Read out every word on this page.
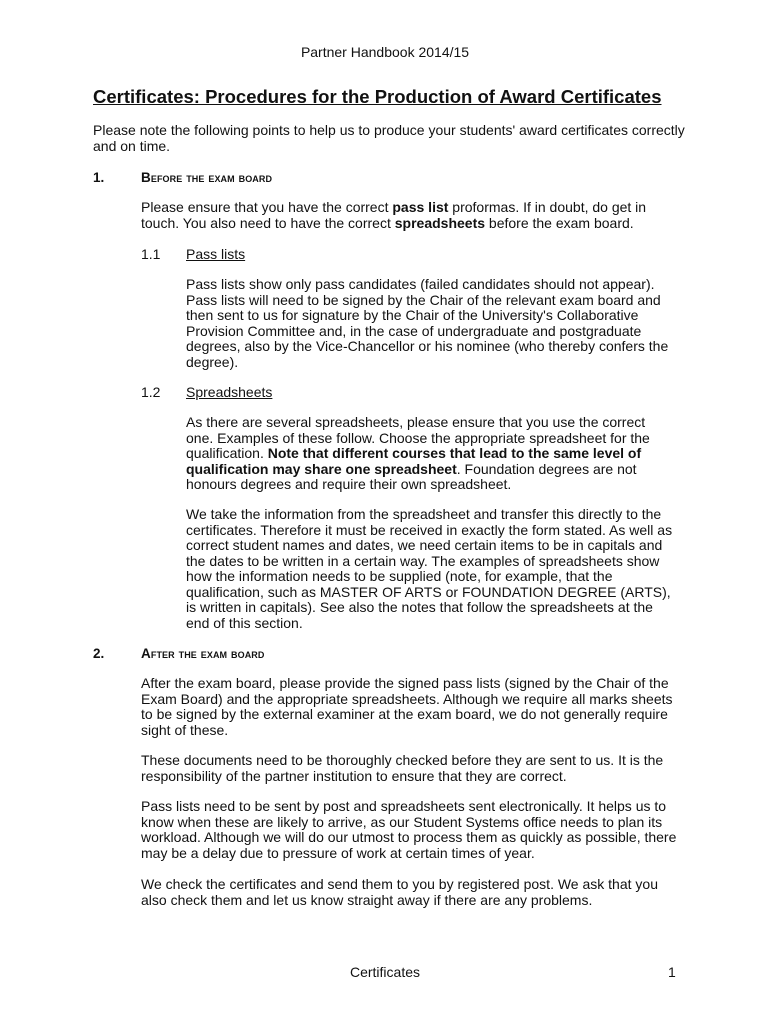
Partner Handbook 2014/15
Certificates: Procedures for the Production of Award Certificates

Please note the following points to help us to produce your students' award certificates correctly and on time.

1.	Before the exam board

Please ensure that you have the correct pass list proformas. If in doubt, do get in touch. You also need to have the correct spreadsheets before the exam board.

1.1 Pass lists

Pass lists show only pass candidates (failed candidates should not appear). Pass lists will need to be signed by the Chair of the relevant exam board and then sent to us for signature by the Chair of the University's Collaborative Provision Committee and, in the case of undergraduate and postgraduate degrees, also by the Vice-Chancellor or his nominee (who thereby confers the degree).

1.2 Spreadsheets

As there are several spreadsheets, please ensure that you use the correct one. Examples of these follow. Choose the appropriate spreadsheet for the qualification. Note that different courses that lead to the same level of qualification may share one spreadsheet. Foundation degrees are not honours degrees and require their own spreadsheet.

We take the information from the spreadsheet and transfer this directly to the certificates. Therefore it must be received in exactly the form stated. As well as correct student names and dates, we need certain items to be in capitals and the dates to be written in a certain way. The examples of spreadsheets show how the information needs to be supplied (note, for example, that the qualification, such as MASTER OF ARTS or FOUNDATION DEGREE (ARTS), is written in capitals). See also the notes that follow the spreadsheets at the end of this section.

2.	After the exam board

After the exam board, please provide the signed pass lists (signed by the Chair of the Exam Board) and the appropriate spreadsheets. Although we require all marks sheets to be signed by the external examiner at the exam board, we do not generally require sight of these.

These documents need to be thoroughly checked before they are sent to us. It is the responsibility of the partner institution to ensure that they are correct.

Pass lists need to be sent by post and spreadsheets sent electronically. It helps us to know when these are likely to arrive, as our Student Systems office needs to plan its workload. Although we will do our utmost to process them as quickly as possible, there may be a delay due to pressure of work at certain times of year.

We check the certificates and send them to you by registered post. We ask that you also check them and let us know straight away if there are any problems.

Certificates	1
